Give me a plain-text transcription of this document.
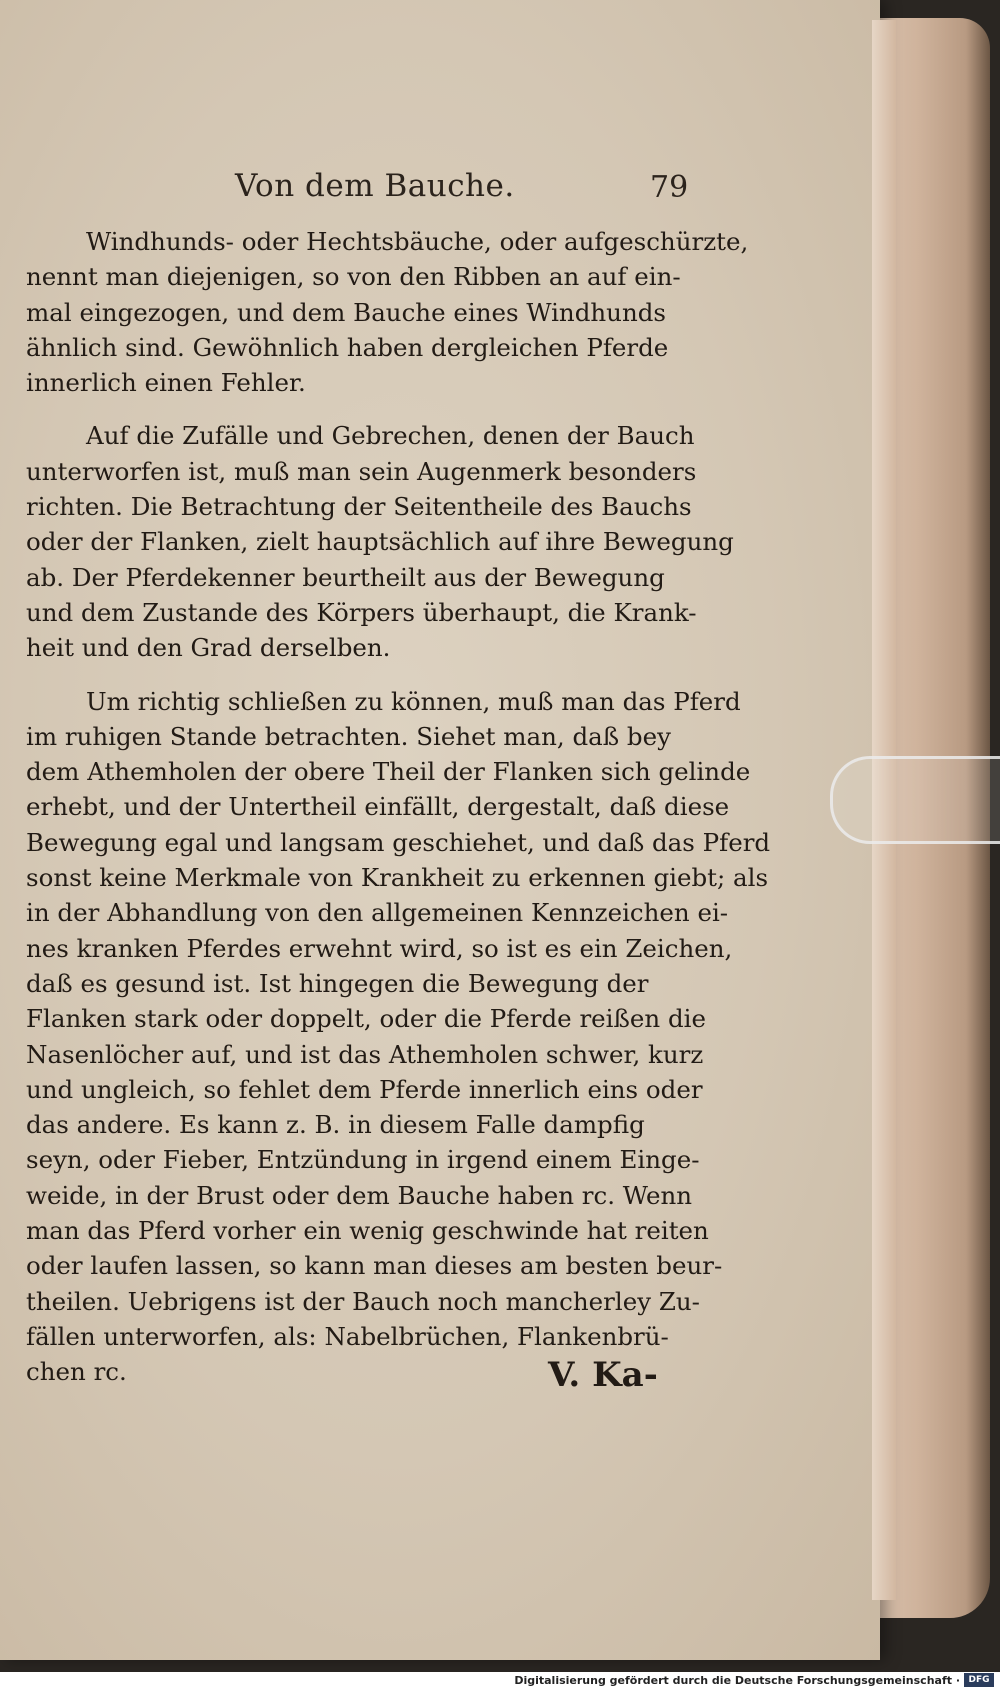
Von dem Bauche.	79

Windhunds- oder Hechtsbäuche, oder aufgeschürzte,
nennt man diejenigen, so von den Ribben an auf ein-
mal eingezogen, und dem Bauche eines Windhunds
ähnlich sind. Gewöhnlich haben dergleichen Pferde
innerlich einen Fehler.

Auf die Zufälle und Gebrechen, denen der Bauch
unterworfen ist, muß man sein Augenmerk besonders
richten. Die Betrachtung der Seitentheile des Bauchs
oder der Flanken, zielt hauptsächlich auf ihre Bewegung
ab. Der Pferdekenner beurtheilt aus der Bewegung
und dem Zustande des Körpers überhaupt, die Krank-
heit und den Grad derselben.

Um richtig schließen zu können, muß man das Pferd
im ruhigen Stande betrachten. Siehet man, daß bey
dem Athemholen der obere Theil der Flanken sich gelinde
erhebt, und der Untertheil einfällt, dergestalt, daß diese
Bewegung egal und langsam geschiehet, und daß das Pferd
sonst keine Merkmale von Krankheit zu erkennen giebt; als
in der Abhandlung von den allgemeinen Kennzeichen ei-
nes kranken Pferdes erwehnt wird, so ist es ein Zeichen,
daß es gesund ist. Ist hingegen die Bewegung der
Flanken stark oder doppelt, oder die Pferde reißen die
Nasenlöcher auf, und ist das Athemholen schwer, kurz
und ungleich, so fehlet dem Pferde innerlich eins oder
das andere. Es kann z. B. in diesem Falle dampfig
seyn, oder Fieber, Entzündung in irgend einem Einge-
weide, in der Brust oder dem Bauche haben rc. Wenn
man das Pferd vorher ein wenig geschwinde hat reiten
oder laufen lassen, so kann man dieses am besten beur-
theilen. Uebrigens ist der Bauch noch mancherley Zu-
fällen unterworfen, als: Nabelbrüchen, Flankenbrü-
chen rc.	V. Ka-
Digitalisierung gefördert durch die Deutsche Forschungsgemeinschaft · DFG
